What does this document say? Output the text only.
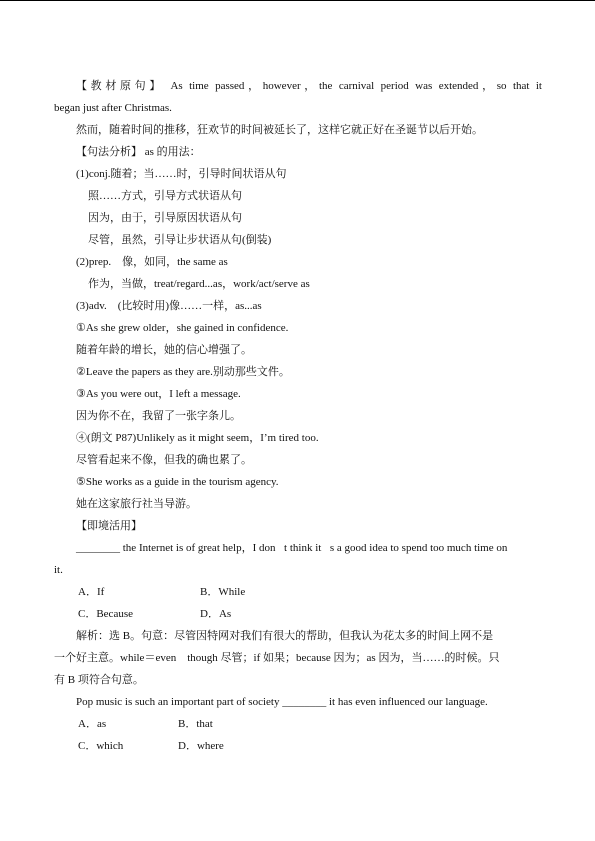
【教材原句】 As time passed，however，the carnival period was extended，so that it
began just after Christmas.
然而，随着时间的推移，狂欢节的时间被延长了，这样它就正好在圣诞节以后开始。
【句法分析】 as 的用法：
(1)conj.随着；当……时，引导时间状语从句
照……方式，引导方式状语从句
因为，由于，引导原因状语从句
尽管，虽然，引导让步状语从句(倒装)
(2)prep.　像，如同，the same as
作为，当做，treat/regard...as，work/act/serve as
(3)adv.　(比较时用)像……一样，as...as
①As she grew older，she gained in confidence.
随着年龄的增长，她的信心增强了。
②Leave the papers as they are.别动那些文件。
③As you were out，I left a message.
因为你不在，我留了一张字条儿。
④(朗文 P87)Unlikely as it might seem，I’m tired too.
尽管看起来不像，但我的确也累了。
⑤She works as a guide in the tourism agency.
她在这家旅行社当导游。
【即境活用】
________ the Internet is of great help，I don t think it s a good idea to spend too much time on
it.
A．If	B．While
C．Because	D．As
解析：选 B。句意：尽管因特网对我们有很大的帮助，但我认为花太多的时间上网不是
一个好主意。while＝even　though 尽管；if 如果；because 因为；as 因为，当……的时候。只
有 B 项符合句意。
Pop music is such an important part of society ________ it has even influenced our language.
A．as	B．that
C．which	D．where
